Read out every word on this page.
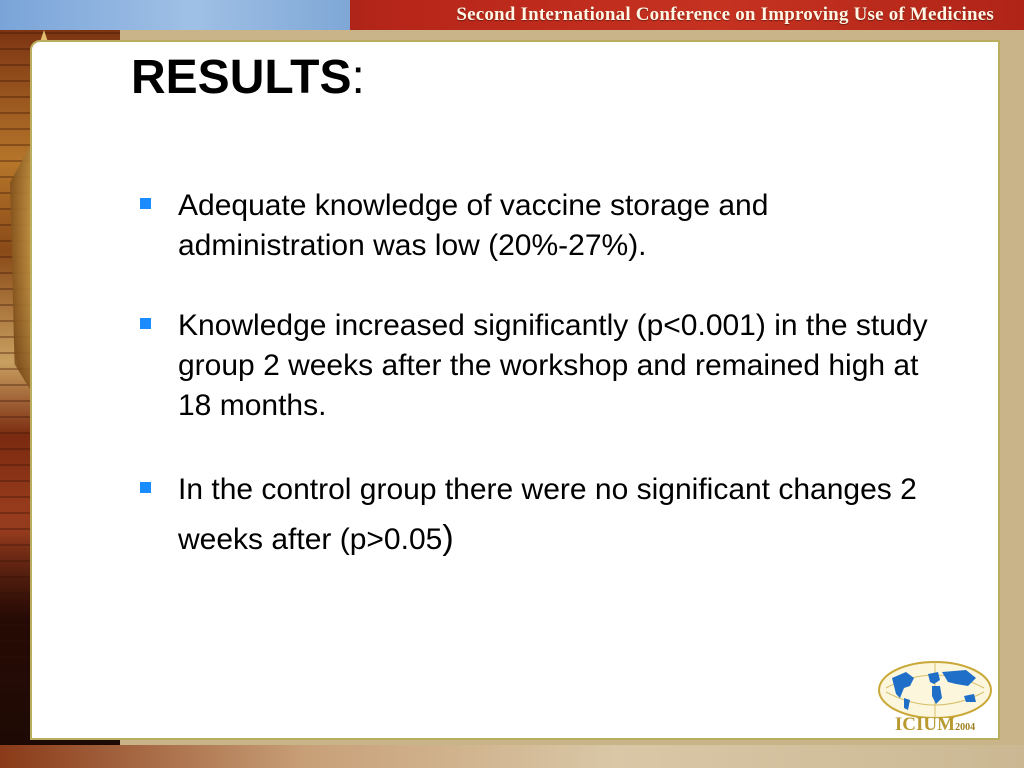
Second International Conference on Improving Use of Medicines
RESULTS:
Adequate knowledge of vaccine storage and administration was low (20%-27%).
Knowledge increased significantly (p<0.001) in the study group 2 weeks after the workshop and remained high at 18 months.
In the control group there were no significant changes 2 weeks after (p>0.05)
ICIUM2004
